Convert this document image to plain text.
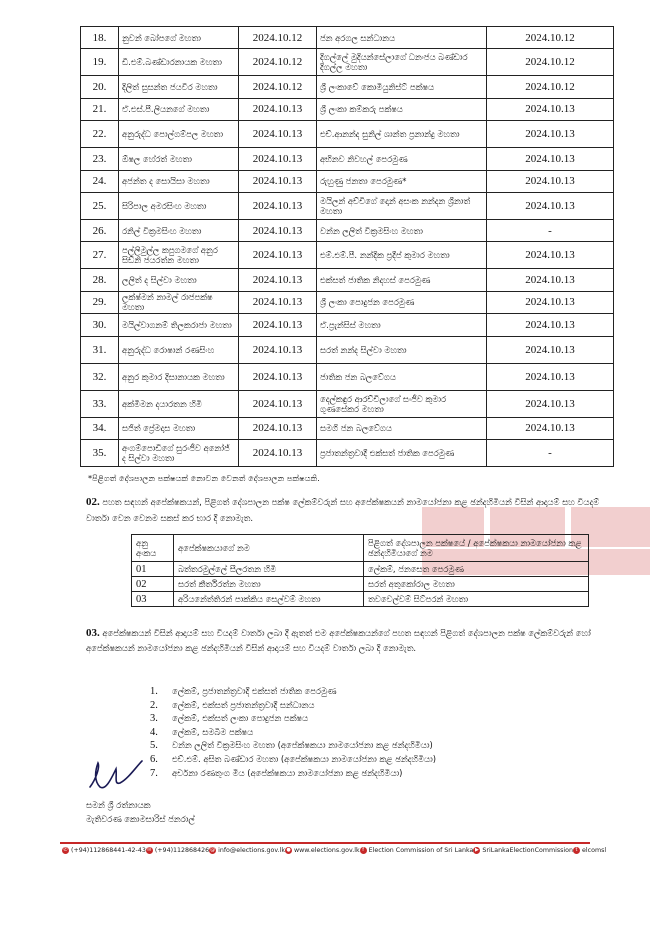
18.	නුවන් බෝපගේ මහතා	2024.10.12	ජන අරගල සන්ධානය	2024.10.12
19.	ඩී.එම්.බණ්ඩාරනායක මහතා	2024.10.12	දිගල්ලේ මුදියන්සේලාගේ ධනංජය බණ්ඩාර දිගල්ල මහතා	2024.10.12
20.	දිලිත් සුසන්ත ජයවීර මහතා	2024.10.12	ශ්‍රී ලංකාවේ කොමියුනිස්ට් පක්ෂය	2024.10.12
21.	ඒ.එස්.පී.ලියනගේ මහතා	2024.10.13	ශ්‍රී ලංකා කම්කරු පක්ෂය	2024.10.13
22.	අනුරුද්ධ පොල්ගම්පල මහතා	2024.10.13	එච්.ආනන්ද සුනිල් ශාන්ත ප්‍රනාන්දු මහතා	2024.10.13
23.	ඕෂල හේරත් මහතා	2024.10.13	අභිනව නිවහල් පෙරමුණ	2024.10.13
24.	අජන්ත ද සොයිසා මහතා	2024.10.13	රුහුණු ජනතා පෙරමුණ*	2024.10.13
25.	සිරිපාල අමරසිංහ මහතා	2024.10.13	මයිලන් අච්චිගේ දොන් අසංක නන්දන ශ්‍රීනාත් මහතා	2024.10.13
26.	රනිල් වික්‍රමසිංහ මහතා	2024.10.13	වන්න ලලිත් වික්‍රමසිංහ මහතා	-
27.	පල්ලිමුල්ල කපුගමගේ අනුර සිඩ්නි ජයරත්න මහතා	2024.10.13	එම්.එම්.පී. නන්දික ප්‍රදීප් කුමාර මහතා	2024.10.13
28.	ලලිත් ද සිල්වා මහතා	2024.10.13	එක්සත් ජාතික නිදහස් පෙරමුණ	2024.10.13
29.	ලක්ෂ්මන් නාමල් රාජපක්ෂ මහතා	2024.10.13	ශ්‍රී ලංකා පොදුජන පෙරමුණ	2024.10.13
30.	මයිල්වාගනම් තිලකරාජා මහතා	2024.10.13	ඒ.ප්‍රැන්සිස් මහතා	2024.10.13
31.	අනුරුද්ධ රොෂාන් රණසිංහ	2024.10.13	සරත් නන්ද සිල්වා මහතා	2024.10.13
32.	අනුර කුමාර දිසානායක මහතා	2024.10.13	ජාතික ජන බලවේගය	2024.10.13
33.	අක්මීමන දයාරතන හිමි	2024.10.13	දෙල්කඳුර ආරච්චිලාගේ සංජීව කුමාර ගුණසේකර මහතා	2024.10.13
34.	සජිත් ප්‍රේමදාස මහතා	2024.10.13	සමගි ජන බලවේගය	2024.10.13
35.	අංගම්පොඩිගේ සුරංජීව අනෝජ් ද සිල්වා මහතා	2024.10.13	ප්‍රජාතන්ත්‍රවාදී එක්සත් ජාතික පෙරමුණ	-
*පිළිගත් දේශපාලන පක්ෂයක් නොවන වෙනත් දේශපාලන පක්ෂයකි.
02. පහත සඳහන් අපේක්ෂකයන්, පිළිගත් දේශපාලන පක්ෂ ලේකම්වරුන් සහ අපේක්ෂකයන් නාමයෝජනා කළ ඡන්දහිමියන් විසින් ආදායම් සහ වියදම් වාර්තා වෙන වෙනම සකස් කර භාර දී නොමැත.
අනු අංකය	අපේක්ෂකයාගේ නම	පිළිගත් දේශපාලන පක්ෂයේ / අපේක්ෂකයා නාමයෝජනා කළ ඡන්දහිමියාගේ නම
01	බත්තරමුල්ලේ සීලරතන හිමි	ලේකම්, ජනසෙත පෙරමුණ
02	සරත් කීර්තිරත්න මහතා	සරත් අතුකෝරාල මහතා
03	අරියනේත්තිරන් පාක්කිය සෙල්වම් මහතා	තවවෙල්වම් සිට්පරන් මහතා
03. අපේක්ෂකයන් විසින් ආදායම් සහ වියදම් වාර්තා ලබා දී ඇතත් එම අපේක්ෂකයන්ගේ පහත සඳහන් පිළිගත් දේශපාලන පක්ෂ ලේකම්වරුන් හෝ අපේක්ෂකයන් නාමයෝජනා කළ ඡන්දහිමියන් විසින් ආදායම් සහ වියදම් වාර්තා ලබා දී නොමැත.
1. ලේකම්, ප්‍රජාතන්ත්‍රවාදී එක්සත් ජාතික පෙරමුණ
2. ලේකම්, එක්සත් ප්‍රජාතන්ත්‍රවාදී සන්ධානය
3. ලේකම්, එක්සත් ලංකා පොදුජන පක්ෂය
4. ලේකම්, සමබිම පක්ෂය
5. වන්න ලලිත් වික්‍රමසිංහ මහතා (අපේක්ෂකයා නාමයෝජනා කළ ඡන්දහිමියා)
6. එච්.එම්. අසිත බණ්ඩාර මහතා (අපේක්ෂකයා නාමයෝජනා කළ ඡන්දහිමියා)
7. අර්චනා රණතුංග මිය (අපේක්ෂකයා නාමයෝජනා කළ ඡන්දහිමියා)
සමන් ශ්‍රී රත්නායක
මැතිවරණ කොමසාරිස් ජනරාල්
✆ (+94)112868441-42-43 ✉ (+94)112868426 @ info@elections.gov.lk ● www.elections.gov.lk f Election Commission of Sri Lanka ▶ SriLankaElectionCommission t elcomsl
